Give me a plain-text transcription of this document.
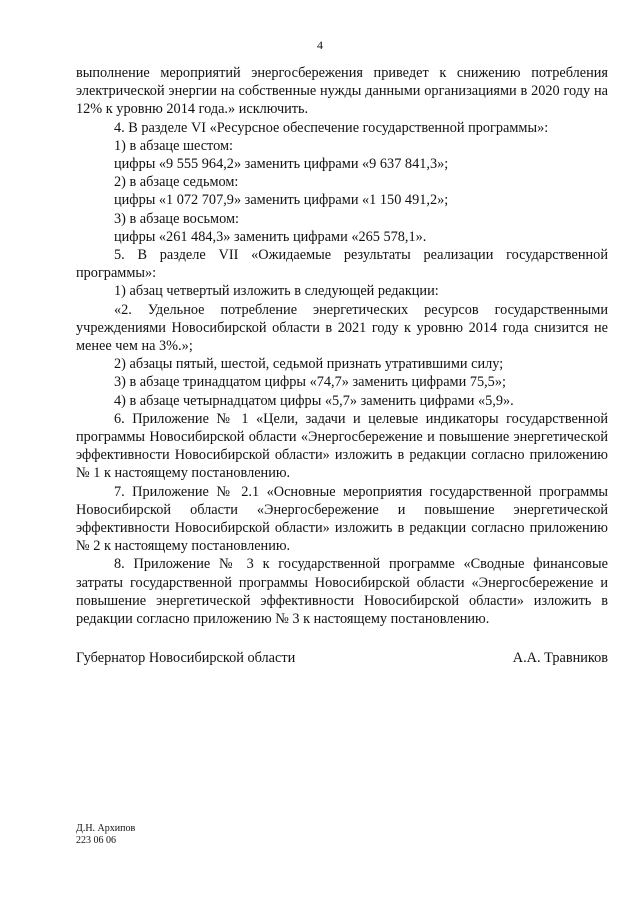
4

выполнение мероприятий энергосбережения приведет к снижению потребления электрической энергии на собственные нужды данными организациями в 2020 году на 12% к уровню 2014 года.» исключить.

4. В разделе VI «Ресурсное обеспечение государственной программы»:

1) в абзаце шестом:

цифры «9 555 964,2» заменить цифрами «9 637 841,3»;

2) в абзаце седьмом:

цифры «1 072 707,9» заменить цифрами «1 150 491,2»;

3) в абзаце восьмом:

цифры «261 484,3» заменить цифрами «265 578,1».

5. В разделе VII «Ожидаемые результаты реализации государственной программы»:

1) абзац четвертый изложить в следующей редакции:

«2. Удельное потребление энергетических ресурсов государственными учреждениями Новосибирской области в 2021 году к уровню 2014 года снизится не менее чем на 3%.»;

2) абзацы пятый, шестой, седьмой признать утратившими силу;

3) в абзаце тринадцатом цифры «74,7» заменить цифрами 75,5»;

4) в абзаце четырнадцатом цифры «5,7» заменить цифрами «5,9».

6. Приложение № 1 «Цели, задачи и целевые индикаторы государственной программы Новосибирской области «Энергосбережение и повышение энергетической эффективности Новосибирской области» изложить в редакции согласно приложению № 1 к настоящему постановлению.

7. Приложение № 2.1 «Основные мероприятия государственной программы Новосибирской области «Энергосбережение и повышение энергетической эффективности Новосибирской области» изложить в редакции согласно приложению № 2 к настоящему постановлению.

8. Приложение № 3 к государственной программе «Сводные финансовые затраты государственной программы Новосибирской области «Энергосбережение и повышение энергетической эффективности Новосибирской области» изложить в редакции согласно приложению № 3 к настоящему постановлению.

Губернатор Новосибирской области	А.А. Травников
Д.Н. Архипов
223 06 06
